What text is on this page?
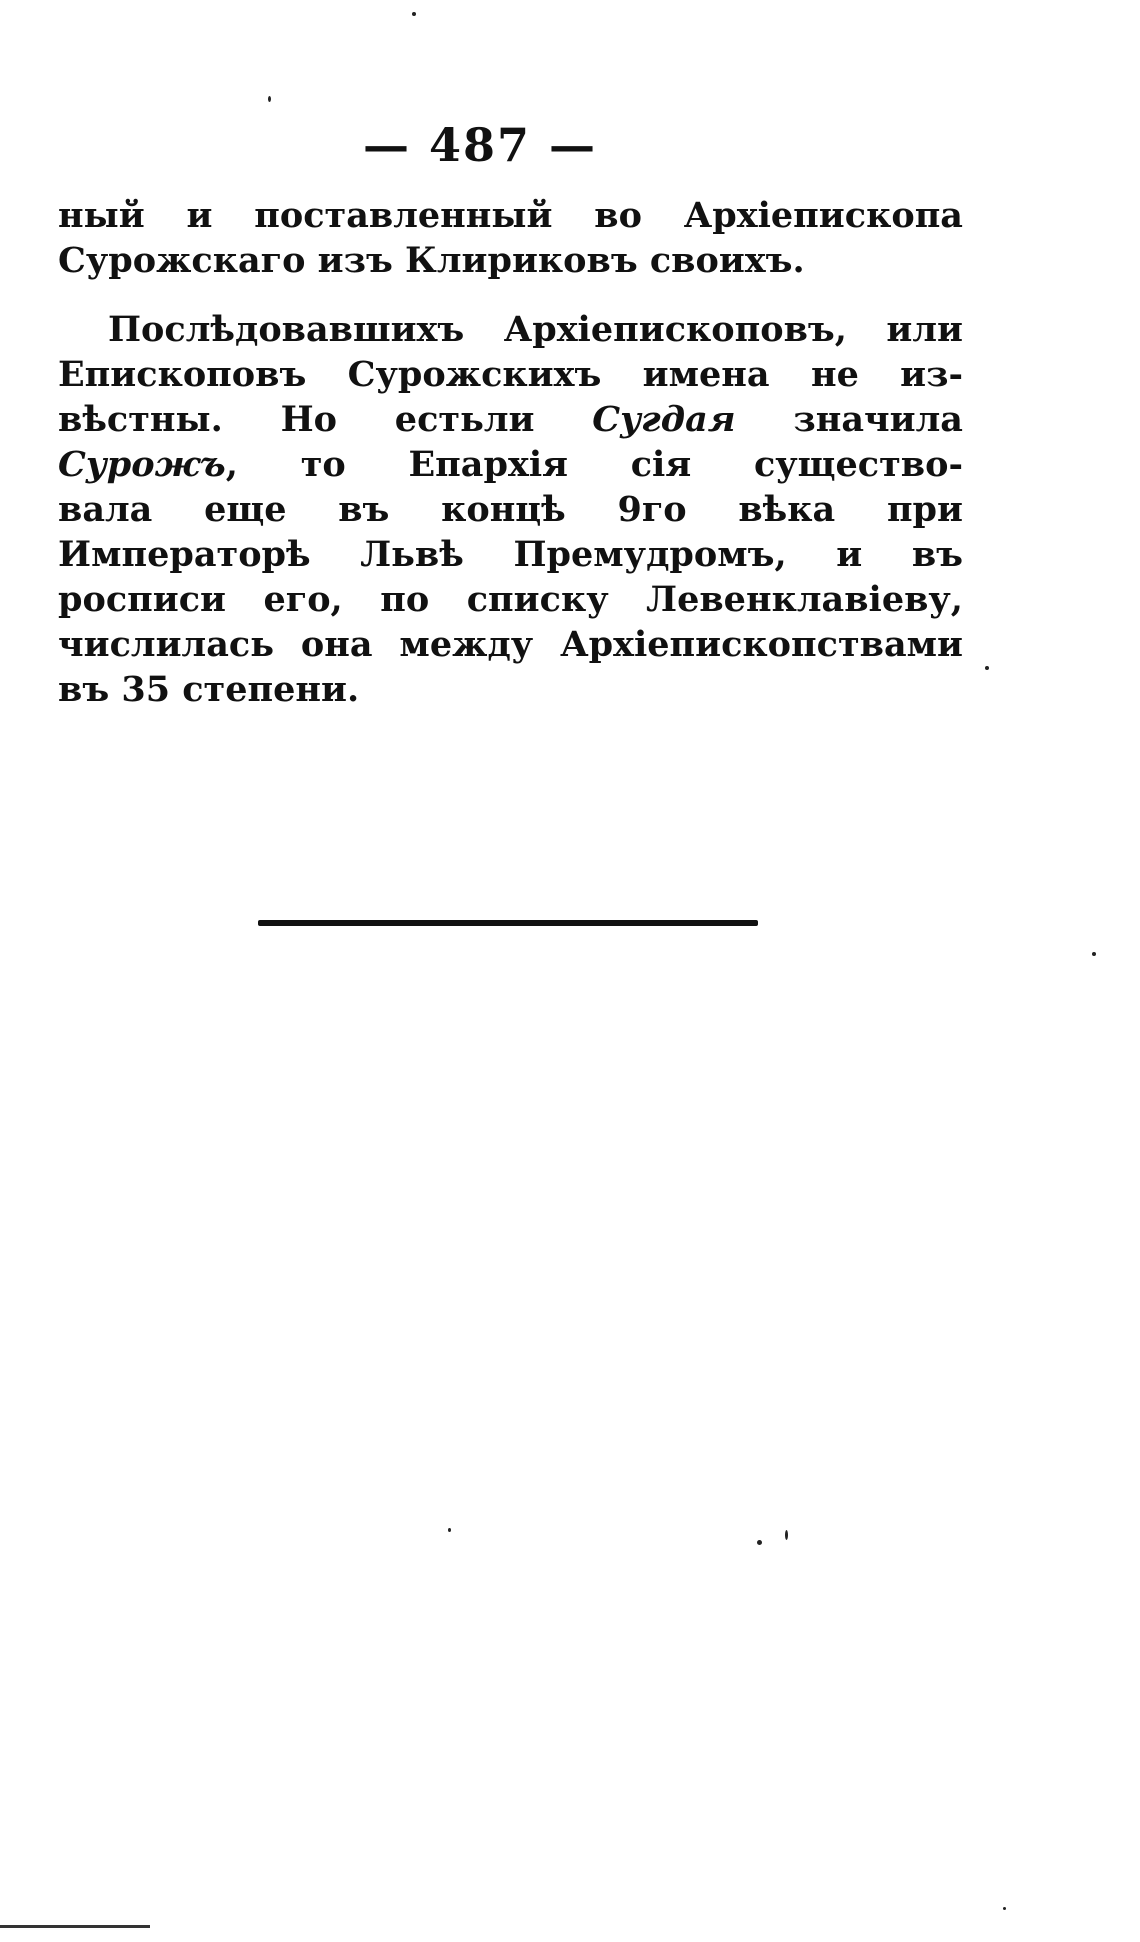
— 487 —
ный и поставленный во Архіепископа
Сурожскаго изъ Клириковъ своихъ.
Послѣдовавшихъ Архіепископовъ, или
Епископовъ Сурожскихъ имена не из-
вѣстны. Но естьли Сугдая значила
Сурожъ, то Епархія сія существо-
вала еще въ концѣ 9го вѣка при
Императорѣ Львѣ Премудромъ, и въ
росписи его, по списку Левенклавіеву,
числилась она между Архіепископствами
въ 35 степени.
